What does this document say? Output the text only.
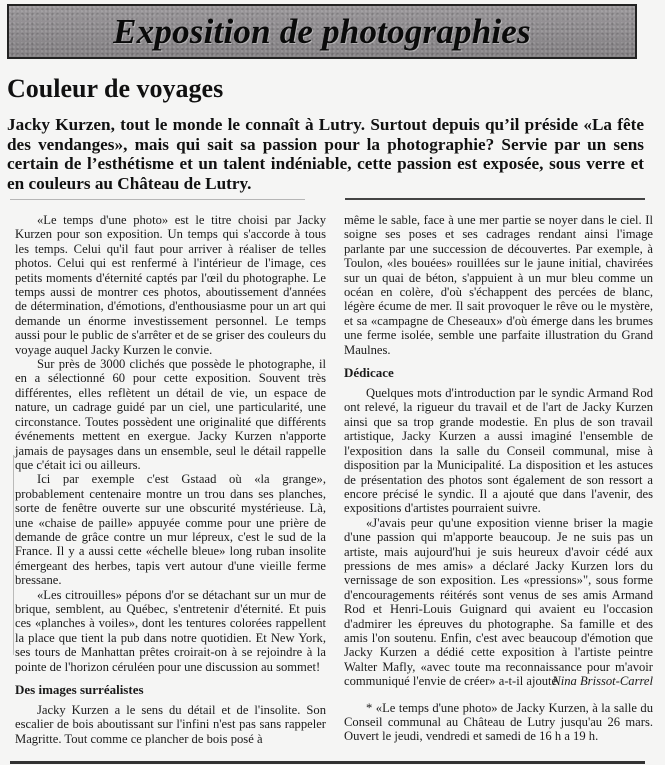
Exposition de photographies
Couleur de voyages

Jacky Kurzen, tout le monde le connaît à Lutry. Surtout depuis qu’il préside «La fête des vendanges», mais qui sait sa passion pour la photographie? Servie par un sens certain de l’esthétisme et un talent indéniable, cette passion est exposée, sous verre et en couleurs au Château de Lutry.

«Le temps d'une photo» est le titre choisi par Jacky Kurzen pour son exposition. Un temps qui s'accorde à tous les temps. Celui qu'il faut pour arriver à réaliser de telles photos. Celui qui est renfermé à l'intérieur de l'image, ces petits moments d'éternité captés par l'œil du photographe. Le temps aussi de montrer ces photos, aboutissement d'années de détermination, d'émotions, d'enthousiasme pour un art qui demande un énorme investissement personnel. Le temps aussi pour le public de s'arrêter et de se griser des couleurs du voyage auquel Jacky Kurzen le convie.

Sur près de 3000 clichés que possède le photographe, il en a sélectionné 60 pour cette exposition. Souvent très différentes, elles reflètent un détail de vie, un espace de nature, un cadrage guidé par un ciel, une particularité, une circonstance. Toutes possèdent une originalité que différents événements mettent en exergue. Jacky Kurzen n'apporte jamais de paysages dans un ensemble, seul le détail rappelle que c'était ici ou ailleurs.

Ici par exemple c'est Gstaad où «la grange», probablement centenaire montre un trou dans ses planches, sorte de fenêtre ouverte sur une obscurité mystérieuse. Là, une «chaise de paille» appuyée comme pour une prière de demande de grâce contre un mur lépreux, c'est le sud de la France. Il y a aussi cette «échelle bleue» long ruban insolite émergeant des herbes, tapis vert autour d'une vieille ferme bressane.

«Les citrouilles» pépons d'or se détachant sur un mur de brique, semblent, au Québec, s'entretenir d'éternité. Et puis ces «planches à voiles», dont les tentures colorées rappellent la place que tient la pub dans notre quotidien. Et New York, ses tours de Manhattan prêtes croirait-on à se rejoindre à la pointe de l'horizon céruléen pour une discussion au sommet!

Des images surréalistes

Jacky Kurzen a le sens du détail et de l'insolite. Son escalier de bois aboutissant sur l'infini n'est pas sans rappeler Magritte. Tout comme ce plancher de bois posé à

même le sable, face à une mer partie se noyer dans le ciel. Il soigne ses poses et ses cadrages rendant ainsi l'image parlante par une succession de découvertes. Par exemple, à Toulon, «les bouées» rouillées sur le jaune initial, chavirées sur un quai de béton, s'appuient à un mur bleu comme un océan en colère, d'où s'échappent des percées de blanc, légère écume de mer. Il sait provoquer le rêve ou le mystère, et sa «campagne de Cheseaux» d'où émerge dans les brumes une ferme isolée, semble une parfaite illustration du Grand Maulnes.

Dédicace

Quelques mots d'introduction par le syndic Armand Rod ont relevé, la rigueur du travail et de l'art de Jacky Kurzen ainsi que sa trop grande modestie. En plus de son travail artistique, Jacky Kurzen a aussi imaginé l'ensemble de l'exposition dans la salle du Conseil communal, mise à disposition par la Municipalité. La disposition et les astuces de présentation des photos sont également de son ressort a encore précisé le syndic. Il a ajouté que dans l'avenir, des expositions d'artistes pourraient suivre.

«J'avais peur qu'une exposition vienne briser la magie d'une passion qui m'apporte beaucoup. Je ne suis pas un artiste, mais aujourd'hui je suis heureux d'avoir cédé aux pressions de mes amis» a déclaré Jacky Kurzen lors du vernissage de son exposition. Les «pressions»", sous forme d'encouragements réitérés sont venus de ses amis Armand Rod et Henri-Louis Guignard qui avaient eu l'occasion d'admirer les épreuves du photographe. Sa famille et des amis l'on soutenu. Enfin, c'est avec beaucoup d'émotion que Jacky Kurzen a dédié cette exposition à l'artiste peintre Walter Mafly, «avec toute ma reconnaissance pour m'avoir communiqué l'envie de créer» a-t-il ajouté.

Nina Brissot-Carrel

* «Le temps d'une photo» de Jacky Kurzen, à la salle du Conseil communal au Château de Lutry jusqu'au 26 mars. Ouvert le jeudi, vendredi et samedi de 16 h a 19 h.
